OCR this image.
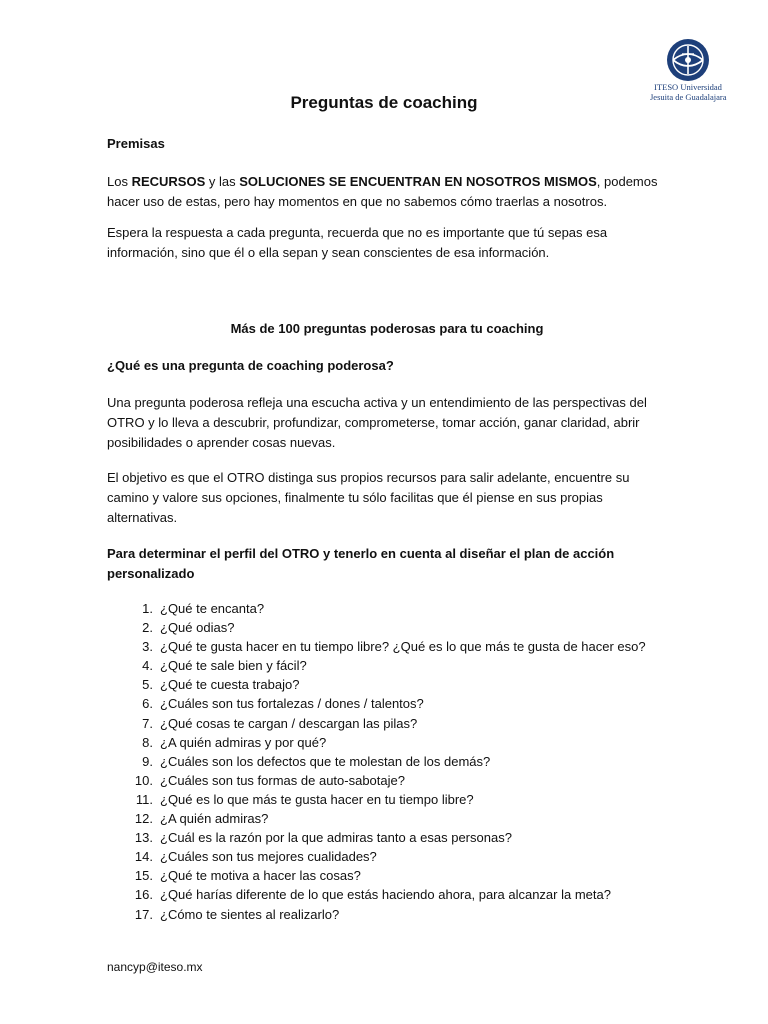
ITESO Universidad
Jesuita de Guadalajara
Preguntas de coaching
Premisas
Los RECURSOS y las SOLUCIONES SE ENCUENTRAN EN NOSOTROS MISMOS, podemos hacer uso de estas, pero hay momentos en que no sabemos cómo traerlas a nosotros.
Espera la respuesta a cada pregunta, recuerda que no es importante que tú sepas esa información, sino que él o ella sepan y sean conscientes de esa información.
Más de 100 preguntas poderosas para tu coaching
¿Qué es una pregunta de coaching poderosa?
Una pregunta poderosa refleja una escucha activa y un entendimiento de las perspectivas del OTRO y lo lleva a descubrir, profundizar, comprometerse, tomar acción, ganar claridad, abrir posibilidades o aprender cosas nuevas.
El objetivo es que el OTRO distinga sus propios recursos para salir adelante, encuentre su camino y valore sus opciones, finalmente tu sólo facilitas que él piense en sus propias alternativas.
Para determinar el perfil del OTRO y tenerlo en cuenta al diseñar el plan de acción personalizado
1. ¿Qué te encanta?
2. ¿Qué odias?
3. ¿Qué te gusta hacer en tu tiempo libre? ¿Qué es lo que más te gusta de hacer eso?
4. ¿Qué te sale bien y fácil?
5. ¿Qué te cuesta trabajo?
6. ¿Cuáles son tus fortalezas / dones / talentos?
7. ¿Qué cosas te cargan / descargan las pilas?
8. ¿A quién admiras y por qué?
9. ¿Cuáles son los defectos que te molestan de los demás?
10. ¿Cuáles son tus formas de auto-sabotaje?
11. ¿Qué es lo que más te gusta hacer en tu tiempo libre?
12. ¿A quién admiras?
13. ¿Cuál es la razón por la que admiras tanto a esas personas?
14. ¿Cuáles son tus mejores cualidades?
15. ¿Qué te motiva a hacer las cosas?
16. ¿Qué harías diferente de lo que estás haciendo ahora, para alcanzar la meta?
17. ¿Cómo te sientes al realizarlo?
nancyp@iteso.mx
